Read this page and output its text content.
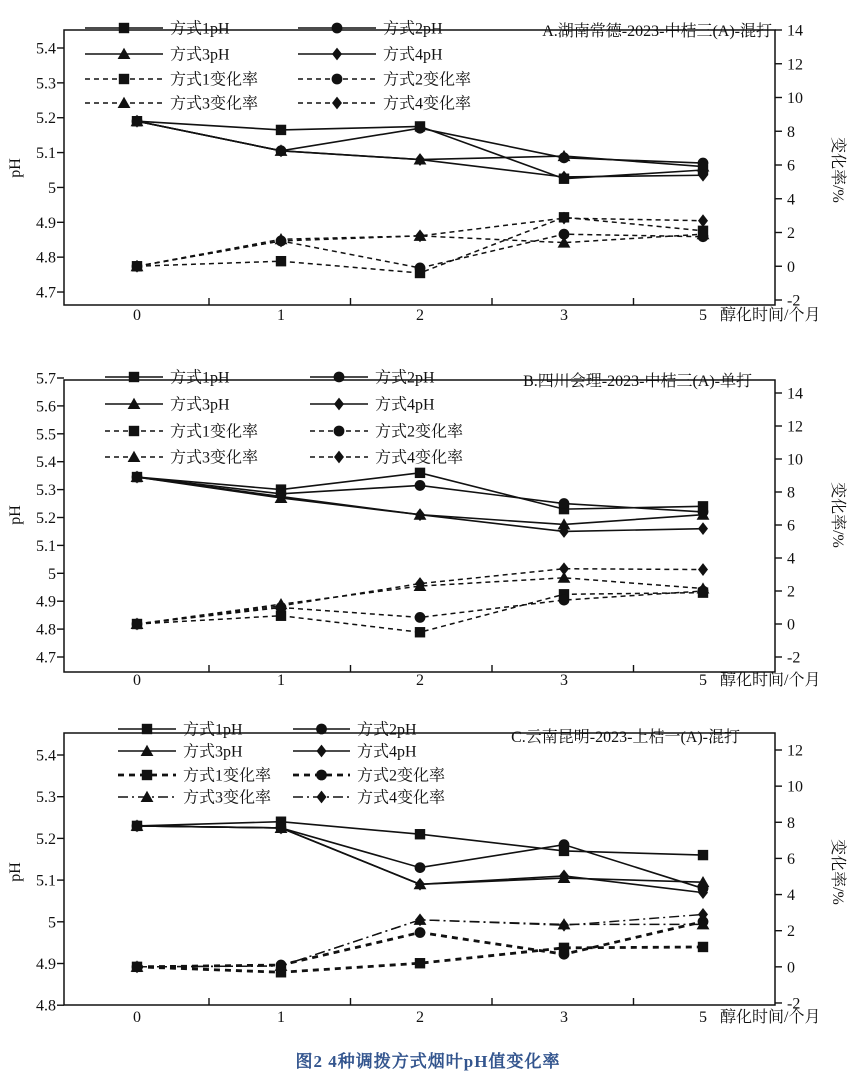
5.4
5.3
5.2
5.1
5
4.9
4.8
4.7
14
12
10
8
6
4
2
0
-2
0	1	2	3	5 醇化时间/个月
pH	变化率/%
A.湖南常德-2023-中桔三(A)-混打
方式1pH	方式2pH
方式3pH	方式4pH
方式1变化率	方式2变化率
方式3变化率	方式4变化率
5.7
5.6
5.5
5.4
5.3
5.2
5.1
5
4.9
4.8
4.7
14
12
10
8
6
4
2
0
-2
0	1	2	3	5 醇化时间/个月
pH	变化率/%
B.四川会理-2023-中桔三(A)-单打
方式1pH	方式2pH
方式3pH	方式4pH
方式1变化率	方式2变化率
方式3变化率	方式4变化率
5.4
5.3
5.2
5.1
5
4.9
4.8
12
10
8
6
4
2
0
-2
0	1	2	3	5 醇化时间/个月
pH	变化率/%
C.云南昆明-2023-上桔一(A)-混打
方式1pH	方式2pH
方式3pH	方式4pH
方式1变化率	方式2变化率
方式3变化率	方式4变化率
图2 4种调拨方式烟叶pH值变化率
